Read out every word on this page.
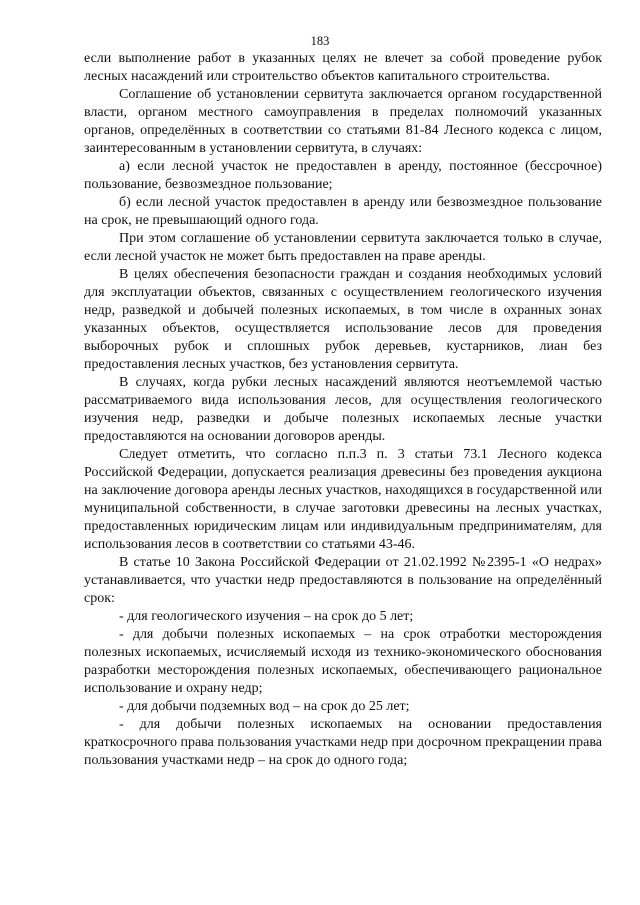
183

если выполнение работ в указанных целях не влечет за собой проведение рубок лесных насаждений или строительство объектов капитального строительства.

Соглашение об установлении сервитута заключается органом государственной власти, органом местного самоуправления в пределах полномочий указанных органов, определённых в соответствии со статьями 81-84 Лесного кодекса с лицом, заинтересованным в установлении сервитута, в случаях:

а) если лесной участок не предоставлен в аренду, постоянное (бессрочное) пользование, безвозмездное пользование;

б) если лесной участок предоставлен в аренду или безвозмездное пользование на срок, не превышающий одного года.

При этом соглашение об установлении сервитута заключается только в случае, если лесной участок не может быть предоставлен на праве аренды.

В целях обеспечения безопасности граждан и создания необходимых условий для эксплуатации объектов, связанных с осуществлением геологического изучения недр, разведкой и добычей полезных ископаемых, в том числе в охранных зонах указанных объектов, осуществляется использование лесов для проведения выборочных рубок и сплошных рубок деревьев, кустарников, лиан без предоставления лесных участков, без установления сервитута.

В случаях, когда рубки лесных насаждений являются неотъемлемой частью рассматриваемого вида использования лесов, для осуществления геологического изучения недр, разведки и добыче полезных ископаемых лесные участки предоставляются на основании договоров аренды.

Следует отметить, что согласно п.п.3 п. 3 статьи 73.1 Лесного кодекса Российской Федерации, допускается реализация древесины без проведения аукциона на заключение договора аренды лесных участков, находящихся в государственной или муниципальной собственности, в случае заготовки древесины на лесных участках, предоставленных юридическим лицам или индивидуальным предпринимателям, для использования лесов в соответствии со статьями 43-46.

В статье 10 Закона Российской Федерации от 21.02.1992 №2395-1 «О недрах» устанавливается, что участки недр предоставляются в пользование на определённый срок:

- для геологического изучения – на срок до 5 лет;

- для добычи полезных ископаемых – на срок отработки месторождения полезных ископаемых, исчисляемый исходя из технико-экономического обоснования разработки месторождения полезных ископаемых, обеспечивающего рациональное использование и охрану недр;

- для добычи подземных вод – на срок до 25 лет;

- для добычи полезных ископаемых на основании предоставления краткосрочного права пользования участками недр при досрочном прекращении права пользования участками недр – на срок до одного года;
